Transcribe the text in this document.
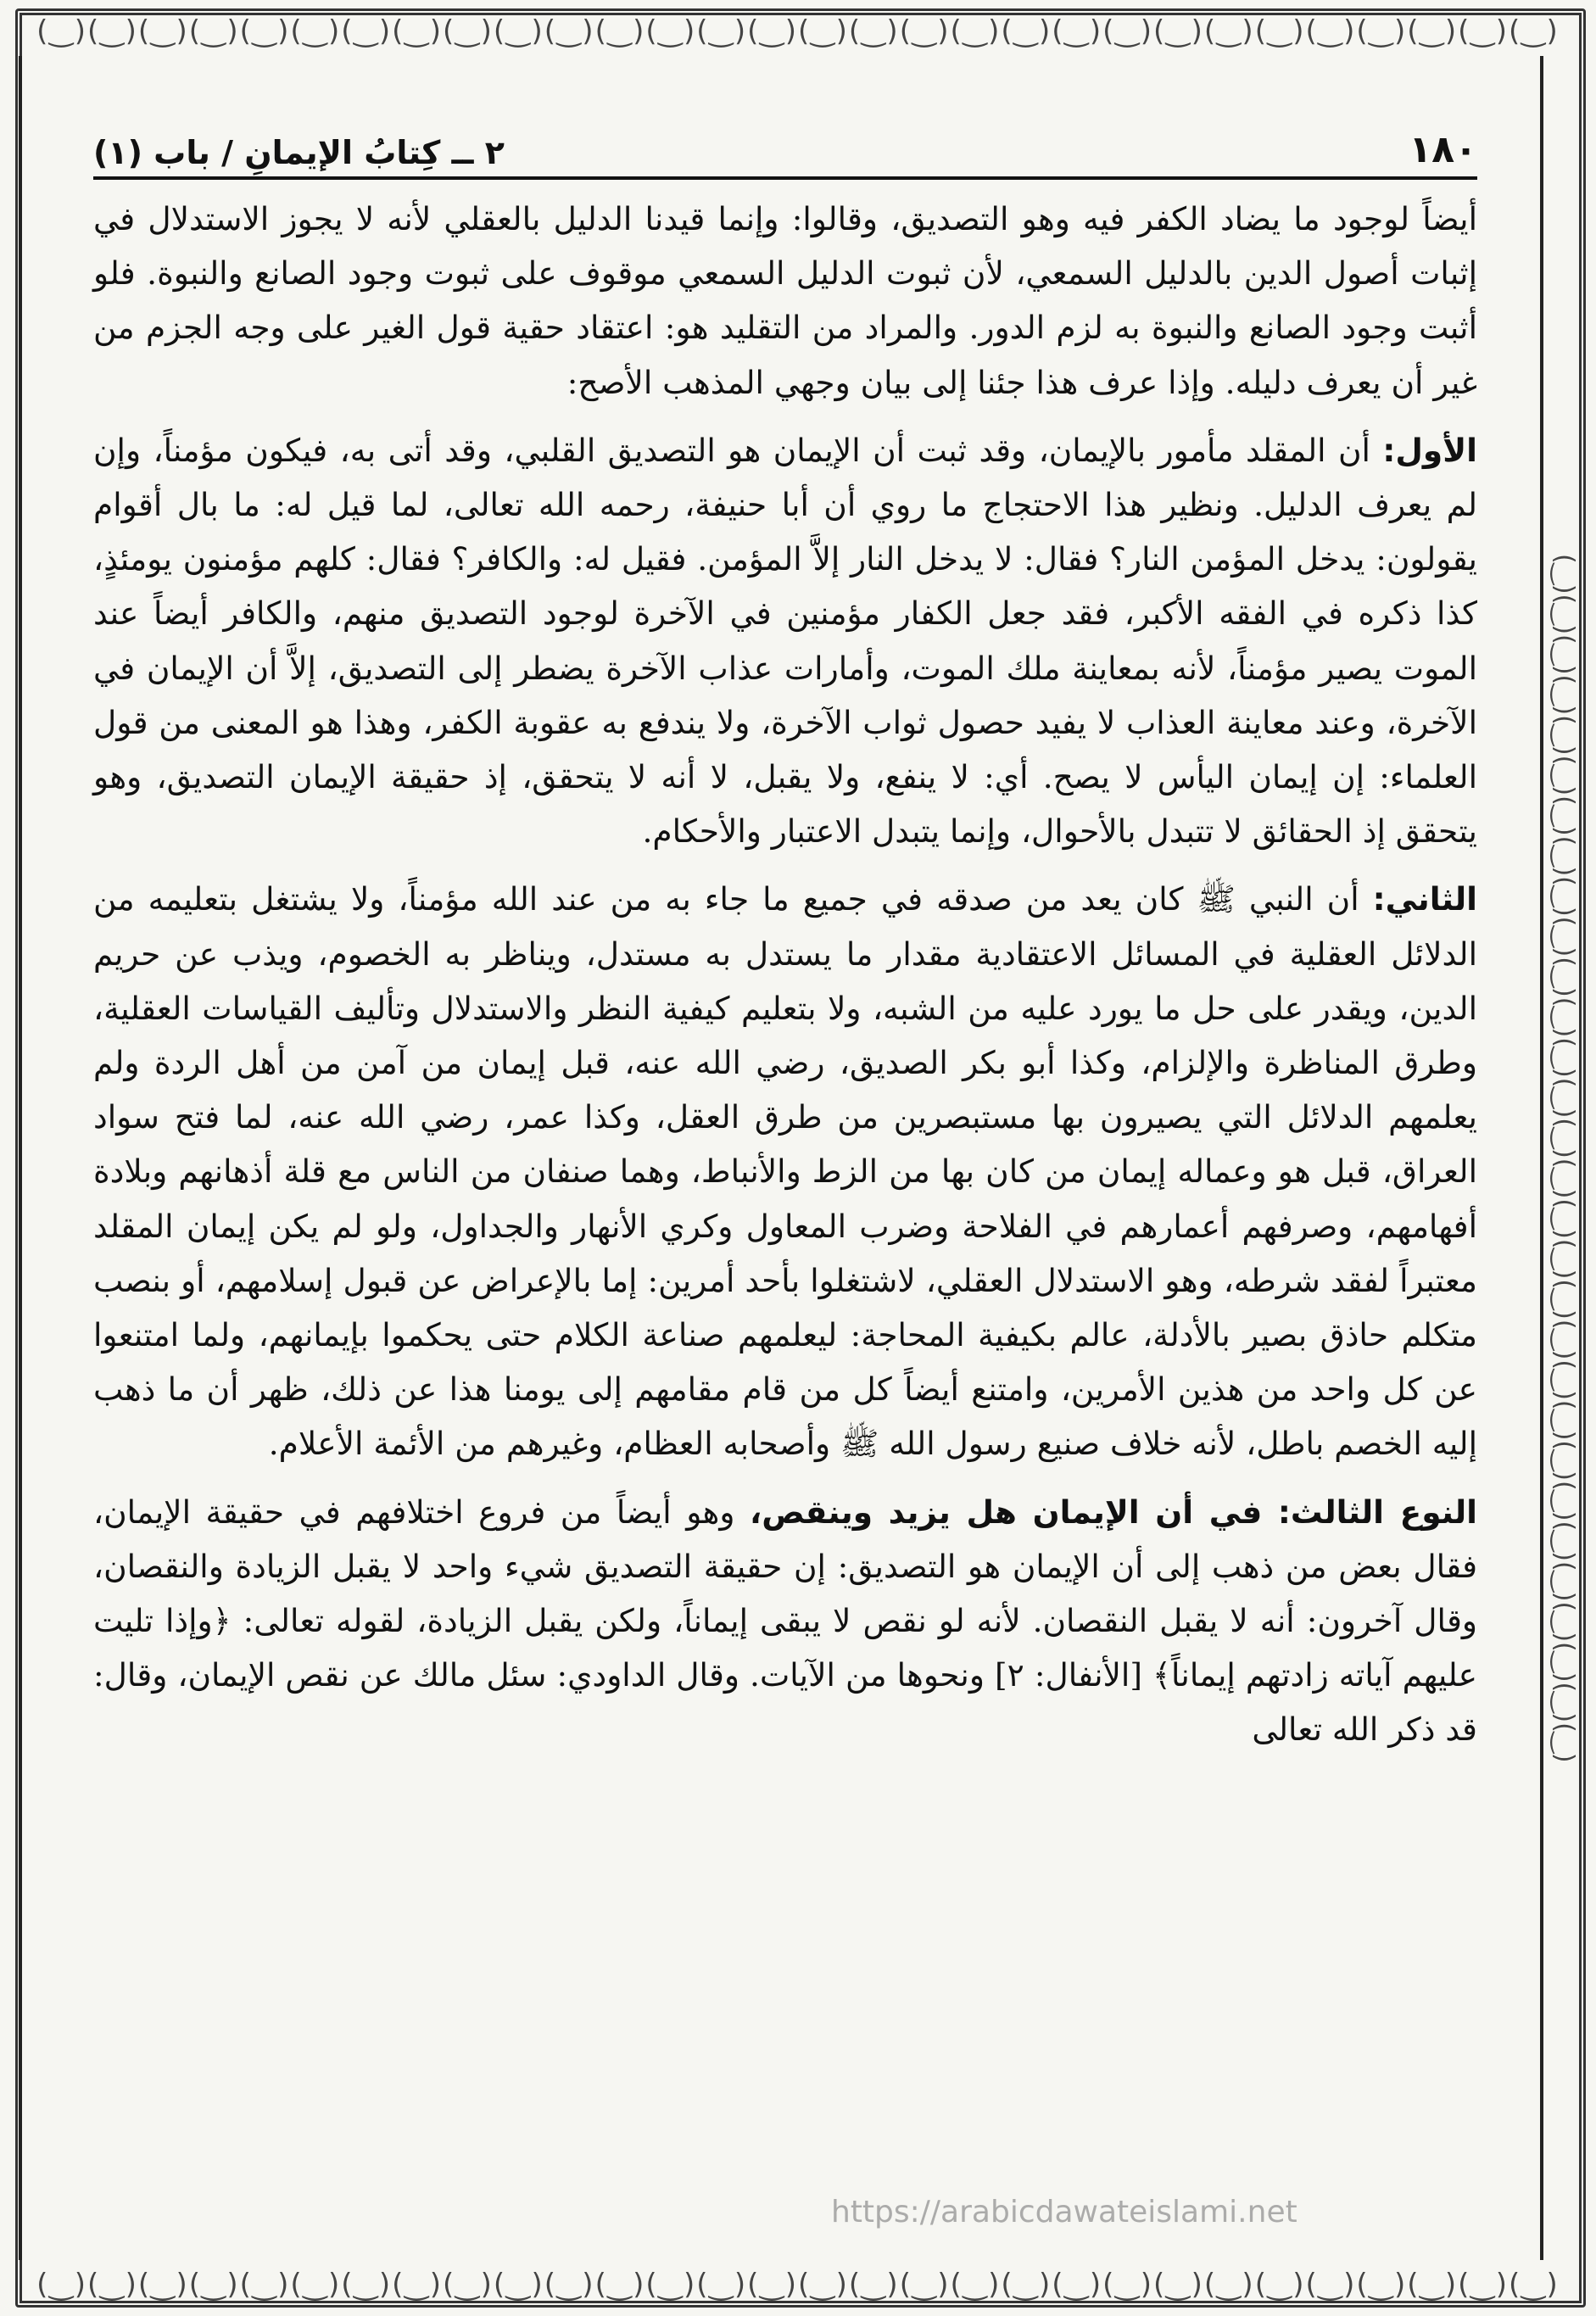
(‿)(‿)(‿)(‿)(‿)(‿)(‿)(‿)(‿)(‿)(‿)(‿)(‿)(‿)(‿)(‿)(‿)(‿)(‿)(‿)(‿)(‿)(‿)(‿)(‿)(‿)(‿)(‿)(‿)(‿)
(‿)(‿)(‿)(‿)(‿)(‿)(‿)(‿)(‿)(‿)(‿)(‿)(‿)(‿)(‿)(‿)(‿)(‿)(‿)(‿)(‿)(‿)(‿)(‿)(‿)(‿)(‿)(‿)(‿)(‿)
(‿)(‿)(‿)(‿)(‿)(‿)(‿)(‿)(‿)(‿)(‿)(‿)(‿)(‿)(‿)(‿)(‿)(‿)(‿)(‿)(‿)(‿)(‿)(‿)(‿)(‿)(‿)(‿)(‿)(‿)
١٨٠
٢ ــ كِتابُ الإيمانِ / باب (١)

أيضاً لوجود ما يضاد الكفر فيه وهو التصديق، وقالوا: وإنما قيدنا الدليل بالعقلي لأنه لا يجوز الاستدلال في إثبات أصول الدين بالدليل السمعي، لأن ثبوت الدليل السمعي موقوف على ثبوت وجود الصانع والنبوة. فلو أثبت وجود الصانع والنبوة به لزم الدور. والمراد من التقليد هو: اعتقاد حقية قول الغير على وجه الجزم من غير أن يعرف دليله. وإذا عرف هذا جئنا إلى بيان وجهي المذهب الأصح:

الأول: أن المقلد مأمور بالإيمان، وقد ثبت أن الإيمان هو التصديق القلبي، وقد أتى به، فيكون مؤمناً، وإن لم يعرف الدليل. ونظير هذا الاحتجاج ما روي أن أبا حنيفة، رحمه الله تعالى، لما قيل له: ما بال أقوام يقولون: يدخل المؤمن النار؟ فقال: لا يدخل النار إلاَّ المؤمن. فقيل له: والكافر؟ فقال: كلهم مؤمنون يومئذٍ، كذا ذكره في الفقه الأكبر، فقد جعل الكفار مؤمنين في الآخرة لوجود التصديق منهم، والكافر أيضاً عند الموت يصير مؤمناً، لأنه بمعاينة ملك الموت، وأمارات عذاب الآخرة يضطر إلى التصديق، إلاَّ أن الإيمان في الآخرة، وعند معاينة العذاب لا يفيد حصول ثواب الآخرة، ولا يندفع به عقوبة الكفر، وهذا هو المعنى من قول العلماء: إن إيمان اليأس لا يصح. أي: لا ينفع، ولا يقبل، لا أنه لا يتحقق، إذ حقيقة الإيمان التصديق، وهو يتحقق إذ الحقائق لا تتبدل بالأحوال، وإنما يتبدل الاعتبار والأحكام.

الثاني: أن النبي ﷺ كان يعد من صدقه في جميع ما جاء به من عند الله مؤمناً، ولا يشتغل بتعليمه من الدلائل العقلية في المسائل الاعتقادية مقدار ما يستدل به مستدل، ويناظر به الخصوم، ويذب عن حريم الدين، ويقدر على حل ما يورد عليه من الشبه، ولا بتعليم كيفية النظر والاستدلال وتأليف القياسات العقلية، وطرق المناظرة والإلزام، وكذا أبو بكر الصديق، رضي الله عنه، قبل إيمان من آمن من أهل الردة ولم يعلمهم الدلائل التي يصيرون بها مستبصرين من طرق العقل، وكذا عمر، رضي الله عنه، لما فتح سواد العراق، قبل هو وعماله إيمان من كان بها من الزط والأنباط، وهما صنفان من الناس مع قلة أذهانهم وبلادة أفهامهم، وصرفهم أعمارهم في الفلاحة وضرب المعاول وكري الأنهار والجداول، ولو لم يكن إيمان المقلد معتبراً لفقد شرطه، وهو الاستدلال العقلي، لاشتغلوا بأحد أمرين: إما بالإعراض عن قبول إسلامهم، أو بنصب متكلم حاذق بصير بالأدلة، عالم بكيفية المحاجة: ليعلمهم صناعة الكلام حتى يحكموا بإيمانهم، ولما امتنعوا عن كل واحد من هذين الأمرين، وامتنع أيضاً كل من قام مقامهم إلى يومنا هذا عن ذلك، ظهر أن ما ذهب إليه الخصم باطل، لأنه خلاف صنيع رسول الله ﷺ وأصحابه العظام، وغيرهم من الأئمة الأعلام.

النوع الثالث: في أن الإيمان هل يزيد وينقص، وهو أيضاً من فروع اختلافهم في حقيقة الإيمان، فقال بعض من ذهب إلى أن الإيمان هو التصديق: إن حقيقة التصديق شيء واحد لا يقبل الزيادة والنقصان، وقال آخرون: أنه لا يقبل النقصان. لأنه لو نقص لا يبقى إيماناً، ولكن يقبل الزيادة، لقوله تعالى: ﴿وإذا تليت عليهم آياته زادتهم إيماناً﴾ [الأنفال: ٢] ونحوها من الآيات. وقال الداودي: سئل مالك عن نقص الإيمان، وقال: قد ذكر الله تعالى

https://arabicdawateislami.net
